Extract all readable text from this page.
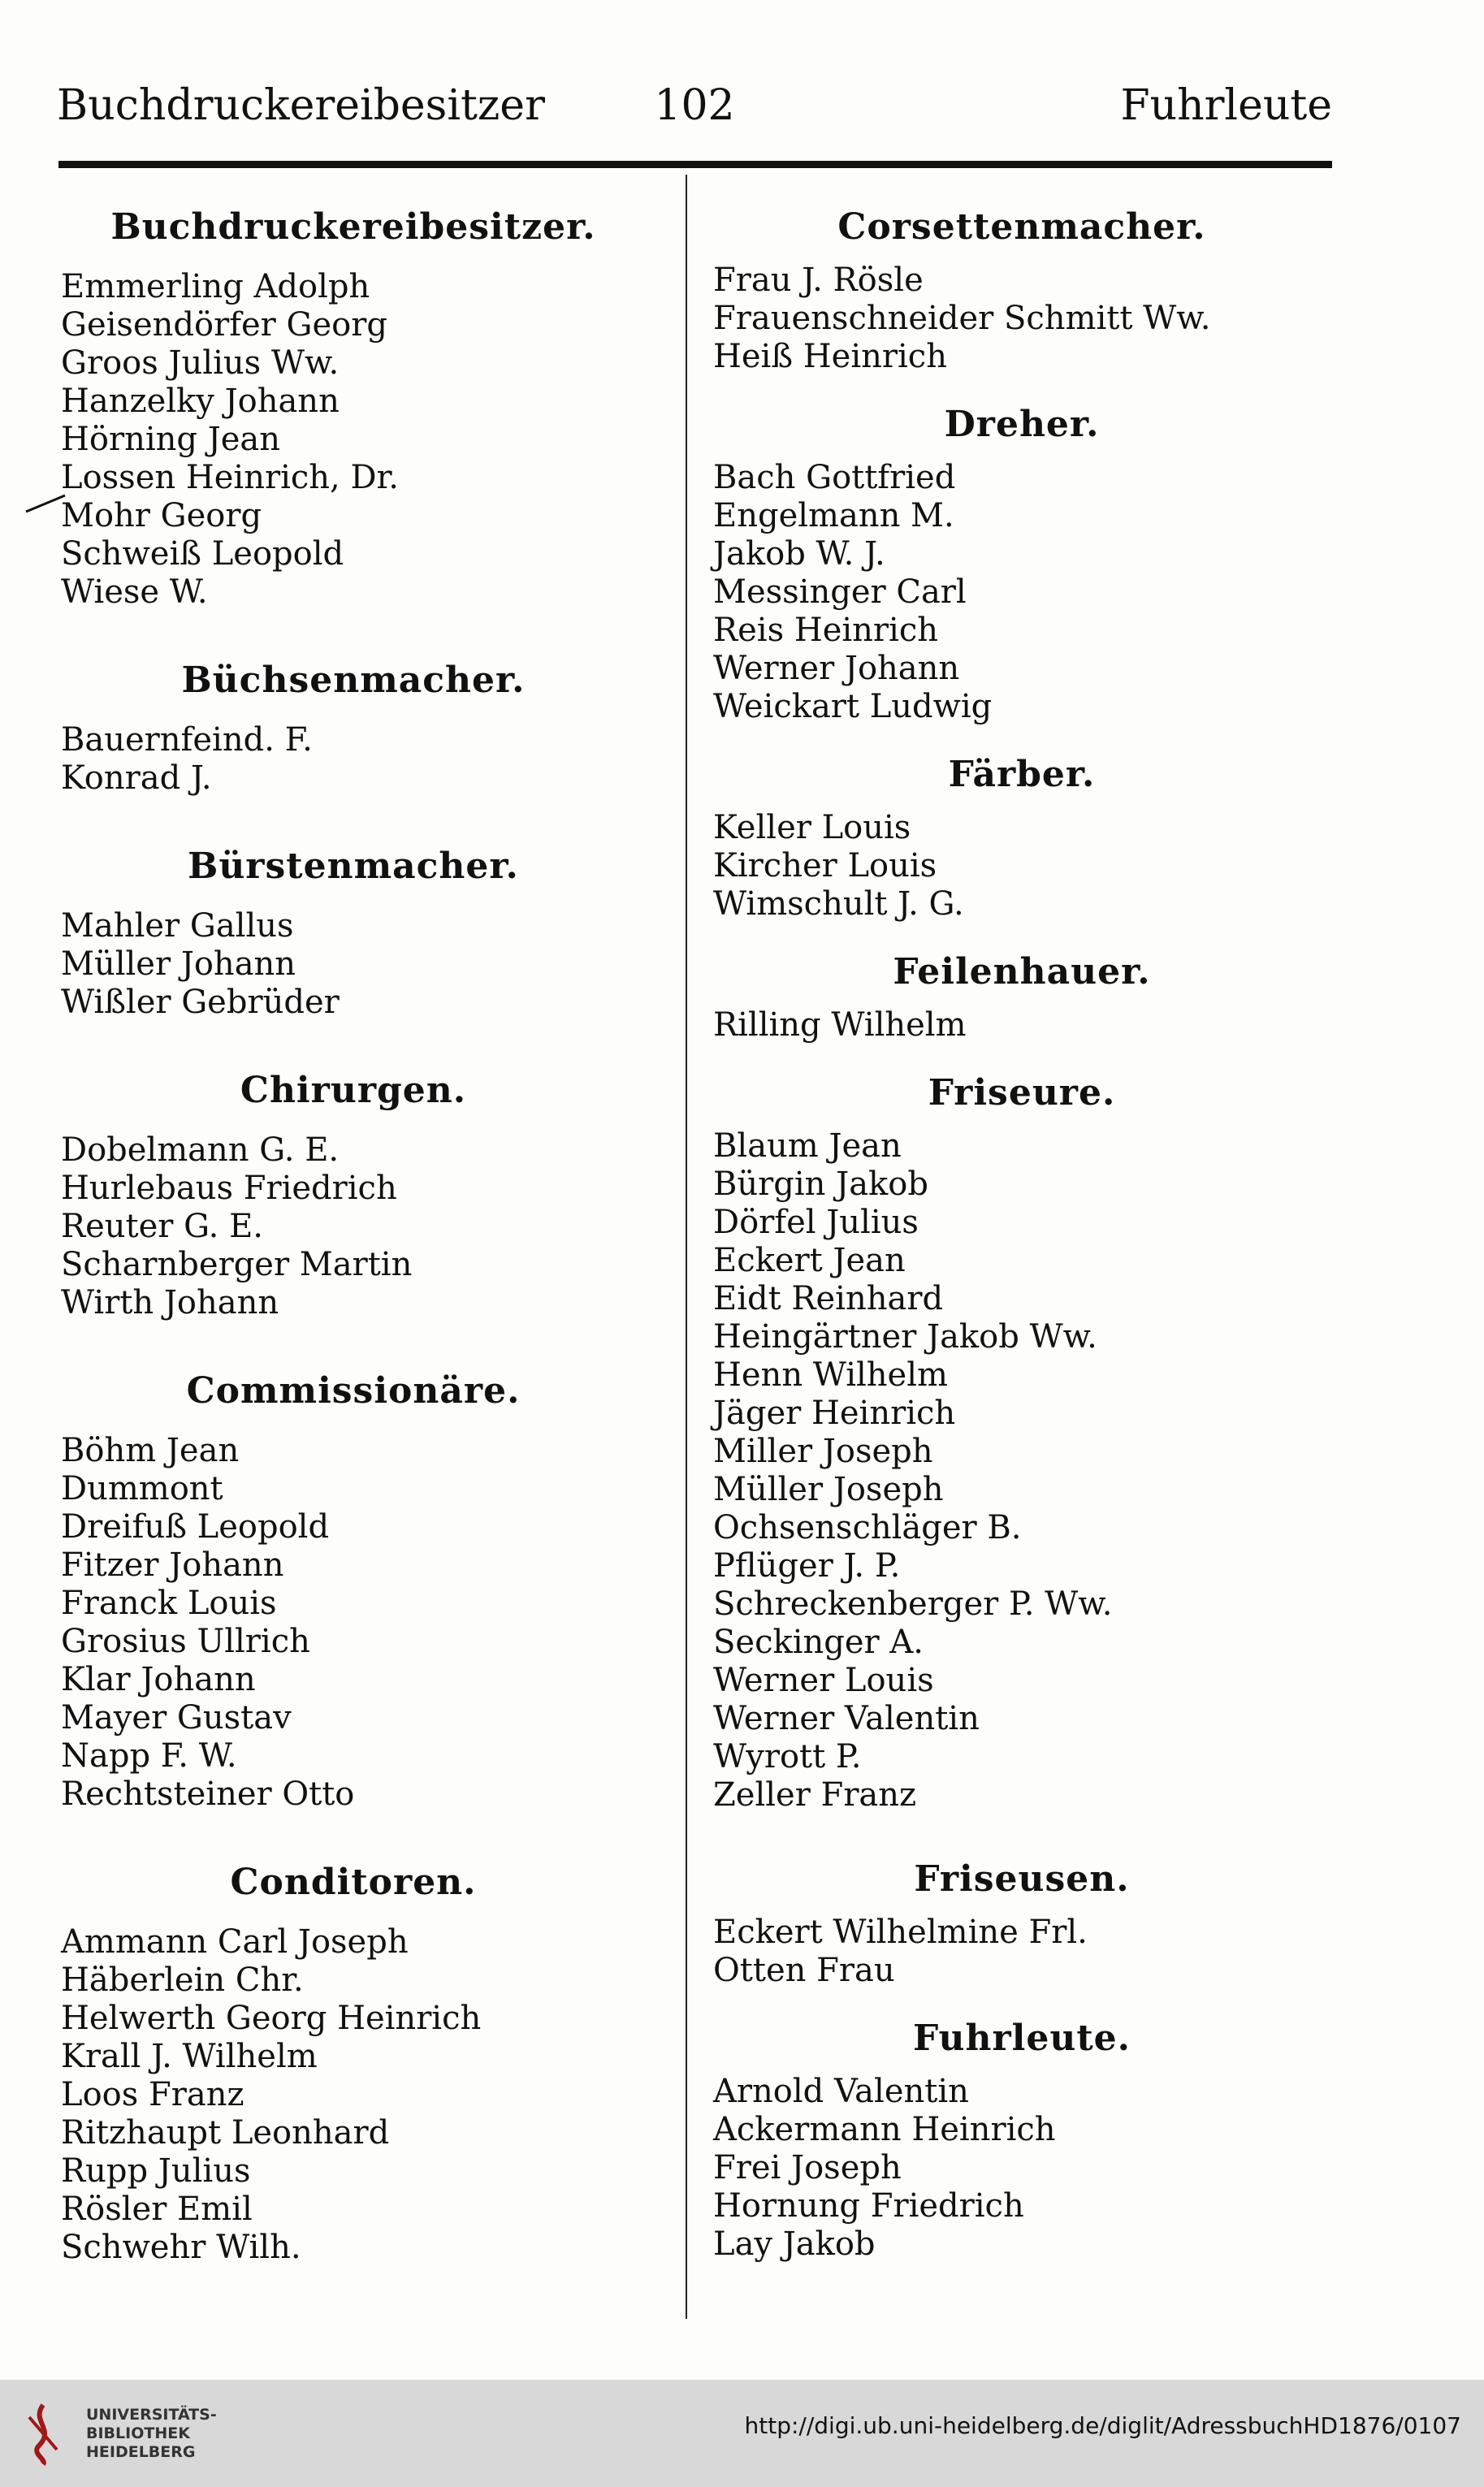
Buchdruckereibesitzer	102	Fuhrleute
Buchdruckereibesitzer.
Emmerling Adolph
Geisendörfer Georg
Groos Julius Ww.
Hanzelky Johann
Hörning Jean
Lossen Heinrich, Dr.
Mohr Georg
Schweiß Leopold
Wiese W.
Büchsenmacher.
Bauernfeind. F.
Konrad J.
Bürstenmacher.
Mahler Gallus
Müller Johann
Wißler Gebrüder
Chirurgen.
Dobelmann G. E.
Hurlebaus Friedrich
Reuter G. E.
Scharnberger Martin
Wirth Johann
Commissionäre.
Böhm Jean
Dummont
Dreifuß Leopold
Fitzer Johann
Franck Louis
Grosius Ullrich
Klar Johann
Mayer Gustav
Napp F. W.
Rechtsteiner Otto
Conditoren.
Ammann Carl Joseph
Häberlein Chr.
Helwerth Georg Heinrich
Krall J. Wilhelm
Loos Franz
Ritzhaupt Leonhard
Rupp Julius
Rösler Emil
Schwehr Wilh.
Corsettenmacher.
Frau J. Rösle
Frauenschneider Schmitt Ww.
Heiß Heinrich
Dreher.
Bach Gottfried
Engelmann M.
Jakob W. J.
Messinger Carl
Reis Heinrich
Werner Johann
Weickart Ludwig
Färber.
Keller Louis
Kircher Louis
Wimschult J. G.
Feilenhauer.
Rilling Wilhelm
Friseure.
Blaum Jean
Bürgin Jakob
Dörfel Julius
Eckert Jean
Eidt Reinhard
Heingärtner Jakob Ww.
Henn Wilhelm
Jäger Heinrich
Miller Joseph
Müller Joseph
Ochsenschläger B.
Pflüger J. P.
Schreckenberger P. Ww.
Seckinger A.
Werner Louis
Werner Valentin
Wyrott P.
Zeller Franz
Friseusen.
Eckert Wilhelmine Frl.
Otten Frau
Fuhrleute.
Arnold Valentin
Ackermann Heinrich
Frei Joseph
Hornung Friedrich
Lay Jakob
UNIVERSITÄTS-
BIBLIOTHEK
HEIDELBERG
http://digi.ub.uni-heidelberg.de/diglit/AdressbuchHD1876/0107
